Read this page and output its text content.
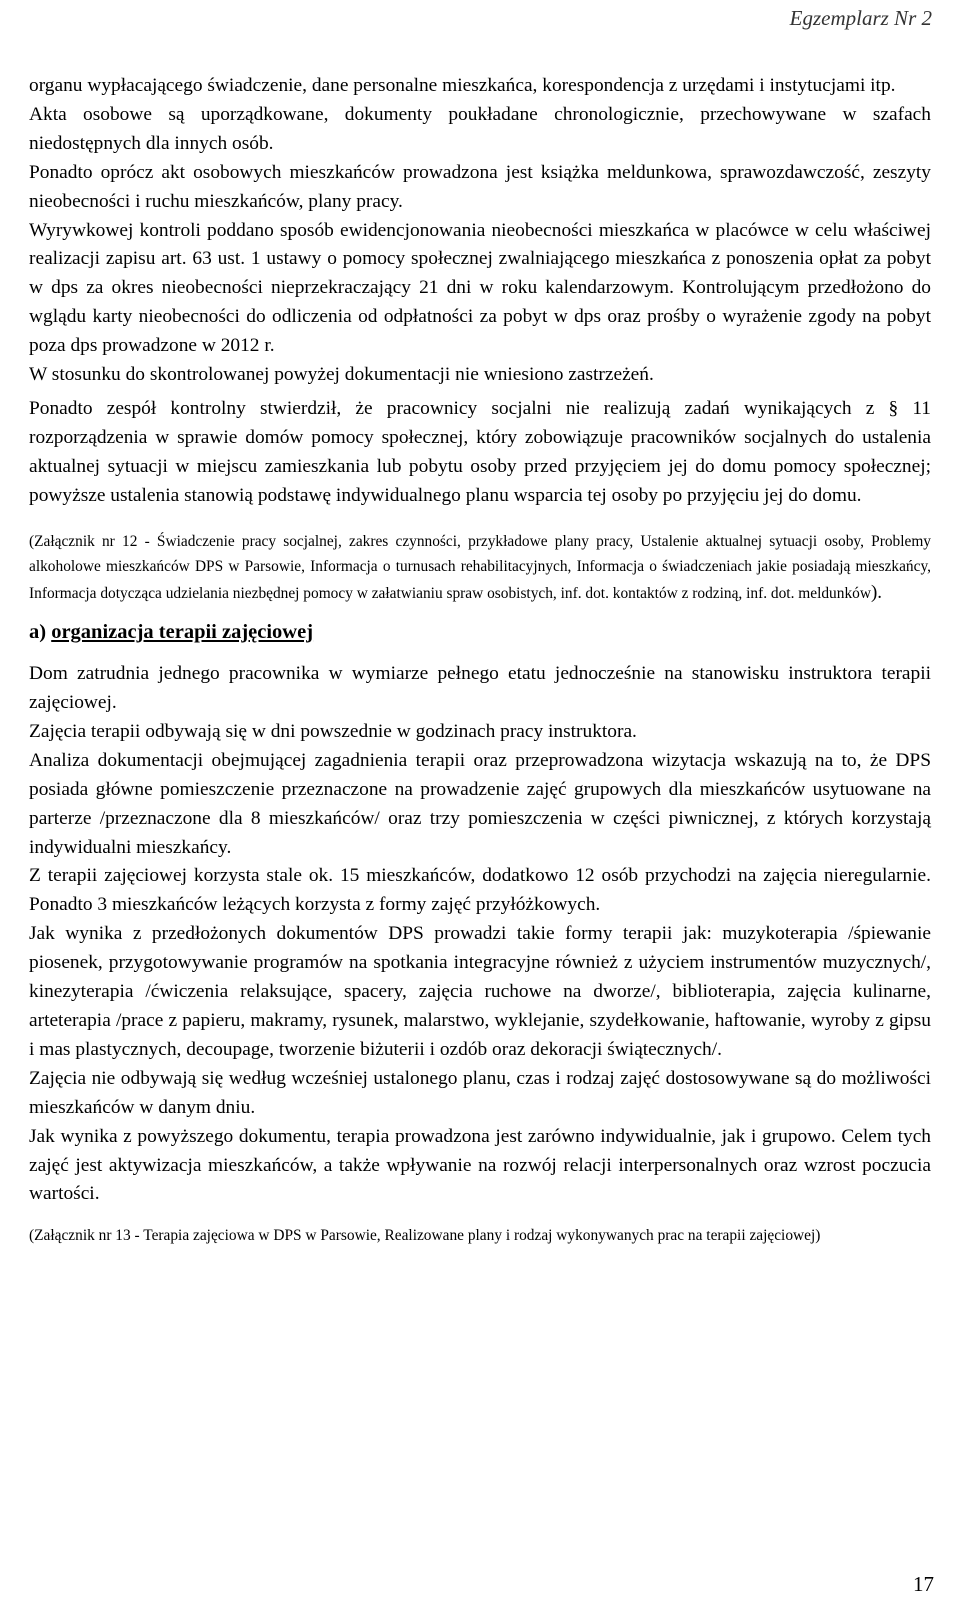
Egzemplarz Nr 2

organu wypłacającego świadczenie, dane personalne mieszkańca, korespondencja z urzędami i instytucjami itp.

Akta osobowe są uporządkowane, dokumenty poukładane chronologicznie, przechowywane w szafach niedostępnych dla innych osób.

Ponadto oprócz akt osobowych mieszkańców prowadzona jest książka meldunkowa, sprawozdawczość, zeszyty nieobecności i ruchu mieszkańców, plany pracy.

Wyrywkowej kontroli poddano sposób ewidencjonowania nieobecności mieszkańca w placówce w celu właściwej realizacji zapisu art. 63 ust. 1 ustawy o pomocy społecznej zwalniającego mieszkańca z ponoszenia opłat za pobyt w dps za okres nieobecności nieprzekraczający 21 dni w roku kalendarzowym. Kontrolującym przedłożono do wglądu karty nieobecności do odliczenia od odpłatności za pobyt w dps oraz prośby o wyrażenie zgody na pobyt poza dps prowadzone w 2012 r.

W stosunku do skontrolowanej powyżej dokumentacji nie wniesiono zastrzeżeń.

Ponadto zespół kontrolny stwierdził, że pracownicy socjalni nie realizują zadań wynikających z § 11 rozporządzenia w sprawie domów pomocy społecznej, który zobowiązuje pracowników socjalnych do ustalenia aktualnej sytuacji w miejscu zamieszkania lub pobytu osoby przed przyjęciem jej do domu pomocy społecznej; powyższe ustalenia stanowią podstawę indywidualnego planu wsparcia tej osoby po przyjęciu jej do domu.

(Załącznik nr 12 - Świadczenie pracy socjalnej, zakres czynności, przykładowe plany pracy, Ustalenie aktualnej sytuacji osoby, Problemy alkoholowe mieszkańców DPS w Parsowie, Informacja o turnusach rehabilitacyjnych, Informacja o świadczeniach jakie posiadają mieszkańcy, Informacja dotycząca udzielania niezbędnej pomocy w załatwianiu spraw osobistych, inf. dot. kontaktów z rodziną, inf. dot. meldunków).

a) organizacja terapii zajęciowej

Dom zatrudnia jednego pracownika w wymiarze pełnego etatu jednocześnie na stanowisku instruktora terapii zajęciowej.

Zajęcia terapii odbywają się w dni powszednie w godzinach pracy instruktora.

Analiza dokumentacji obejmującej zagadnienia terapii oraz przeprowadzona wizytacja wskazują na to, że DPS posiada główne pomieszczenie przeznaczone na prowadzenie zajęć grupowych dla mieszkańców usytuowane na parterze /przeznaczone dla 8 mieszkańców/ oraz trzy pomieszczenia w części piwnicznej, z których korzystają indywidualni mieszkańcy.

Z terapii zajęciowej korzysta stale ok. 15 mieszkańców, dodatkowo 12 osób przychodzi na zajęcia nieregularnie. Ponadto 3 mieszkańców leżących korzysta z formy zajęć przyłóżkowych.

Jak wynika z przedłożonych dokumentów DPS prowadzi takie formy terapii jak: muzykoterapia /śpiewanie piosenek, przygotowywanie programów na spotkania integracyjne również z użyciem instrumentów muzycznych/, kinezyterapia /ćwiczenia relaksujące, spacery, zajęcia ruchowe na dworze/, biblioterapia, zajęcia kulinarne, arteterapia /prace z papieru, makramy, rysunek, malarstwo, wyklejanie, szydełkowanie, haftowanie, wyroby z gipsu i mas plastycznych, decoupage, tworzenie biżuterii i ozdób oraz dekoracji świątecznych/.

Zajęcia nie odbywają się według wcześniej ustalonego planu, czas i rodzaj zajęć dostosowywane są do możliwości mieszkańców w danym dniu.

Jak wynika z powyższego dokumentu, terapia prowadzona jest zarówno indywidualnie, jak i grupowo. Celem tych zajęć jest aktywizacja mieszkańców, a także wpływanie na rozwój relacji interpersonalnych oraz wzrost poczucia wartości.

(Załącznik nr 13 - Terapia zajęciowa w DPS w Parsowie, Realizowane plany i rodzaj wykonywanych prac na terapii zajęciowej)

17
